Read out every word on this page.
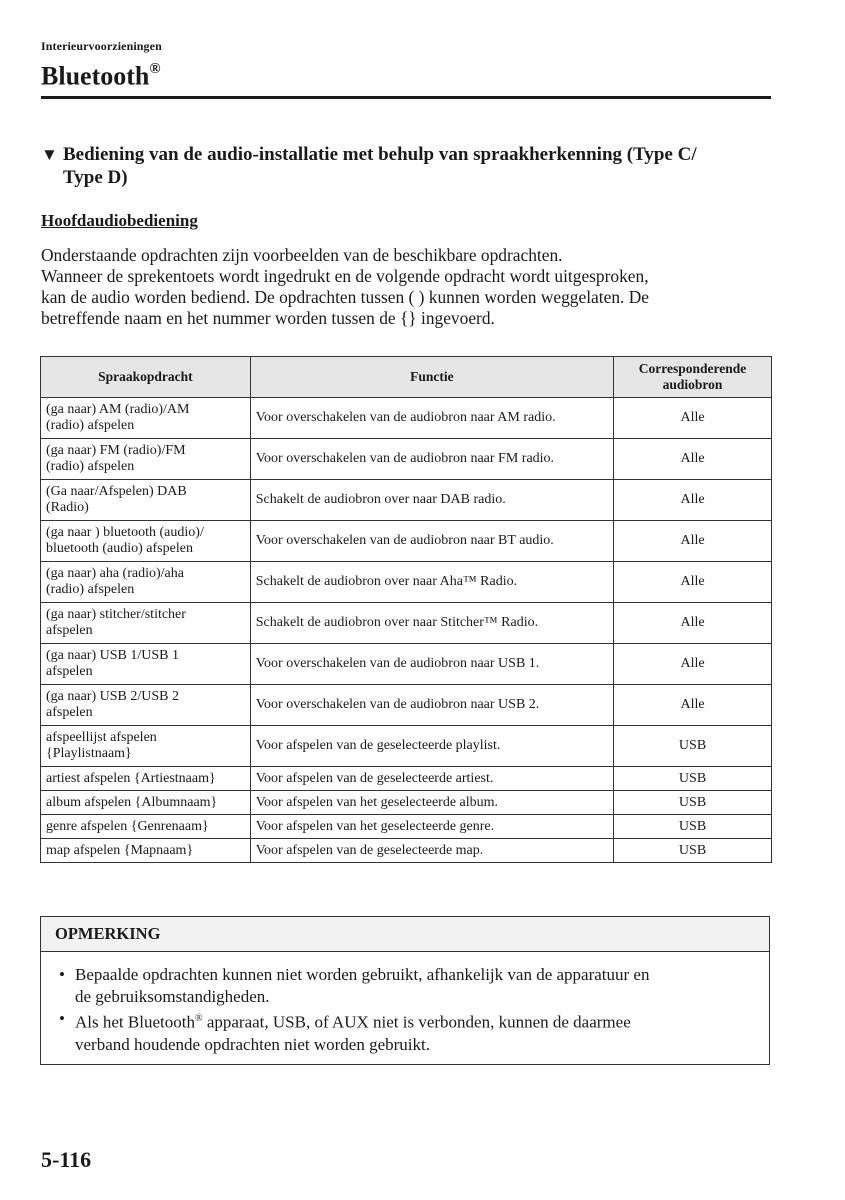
Interieurvoorzieningen
Bluetooth®
▼ Bediening van de audio-installatie met behulp van spraakherkenning (Type C/
Type D)
Hoofdaudiobediening

Onderstaande opdrachten zijn voorbeelden van de beschikbare opdrachten.

Wanneer de sprekentoets wordt ingedrukt en de volgende opdracht wordt uitgesproken,

kan de audio worden bediend. De opdrachten tussen ( ) kunnen worden weggelaten. De

betreffende naam en het nummer worden tussen de {} ingevoerd.

Spraakopdracht	Functie	Corresponderende
audiobron

(ga naar) AM (radio)/AM
(radio) afspelen	Voor overschakelen van de audiobron naar AM radio.	Alle

(ga naar) FM (radio)/FM
(radio) afspelen	Voor overschakelen van de audiobron naar FM radio.	Alle

(Ga naar/Afspelen) DAB
(Radio)	Schakelt de audiobron over naar DAB radio.	Alle

(ga naar ) bluetooth (audio)/
bluetooth (audio) afspelen	Voor overschakelen van de audiobron naar BT audio.	Alle

(ga naar) aha (radio)/aha
(radio) afspelen	Schakelt de audiobron over naar Aha™ Radio.	Alle

(ga naar) stitcher/stitcher
afspelen	Schakelt de audiobron over naar Stitcher™ Radio.	Alle

(ga naar) USB 1/USB 1
afspelen	Voor overschakelen van de audiobron naar USB 1.	Alle

(ga naar) USB 2/USB 2
afspelen	Voor overschakelen van de audiobron naar USB 2.	Alle

afspeellijst afspelen
{Playlistnaam}	Voor afspelen van de geselecteerde playlist.	USB
artiest afspelen {Artiestnaam}	Voor afspelen van de geselecteerde artiest.	USB
album afspelen {Albumnaam}	Voor afspelen van het geselecteerde album.	USB
genre afspelen {Genrenaam}	Voor afspelen van het geselecteerde genre.	USB
map afspelen {Mapnaam}	Voor afspelen van de geselecteerde map.	USB
OPMERKING
• Bepaalde opdrachten kunnen niet worden gebruikt, afhankelijk van de apparatuur en
de gebruiksomstandigheden.
• Als het Bluetooth® apparaat, USB, of AUX niet is verbonden, kunnen de daarmee
verband houdende opdrachten niet worden gebruikt.
5-116
